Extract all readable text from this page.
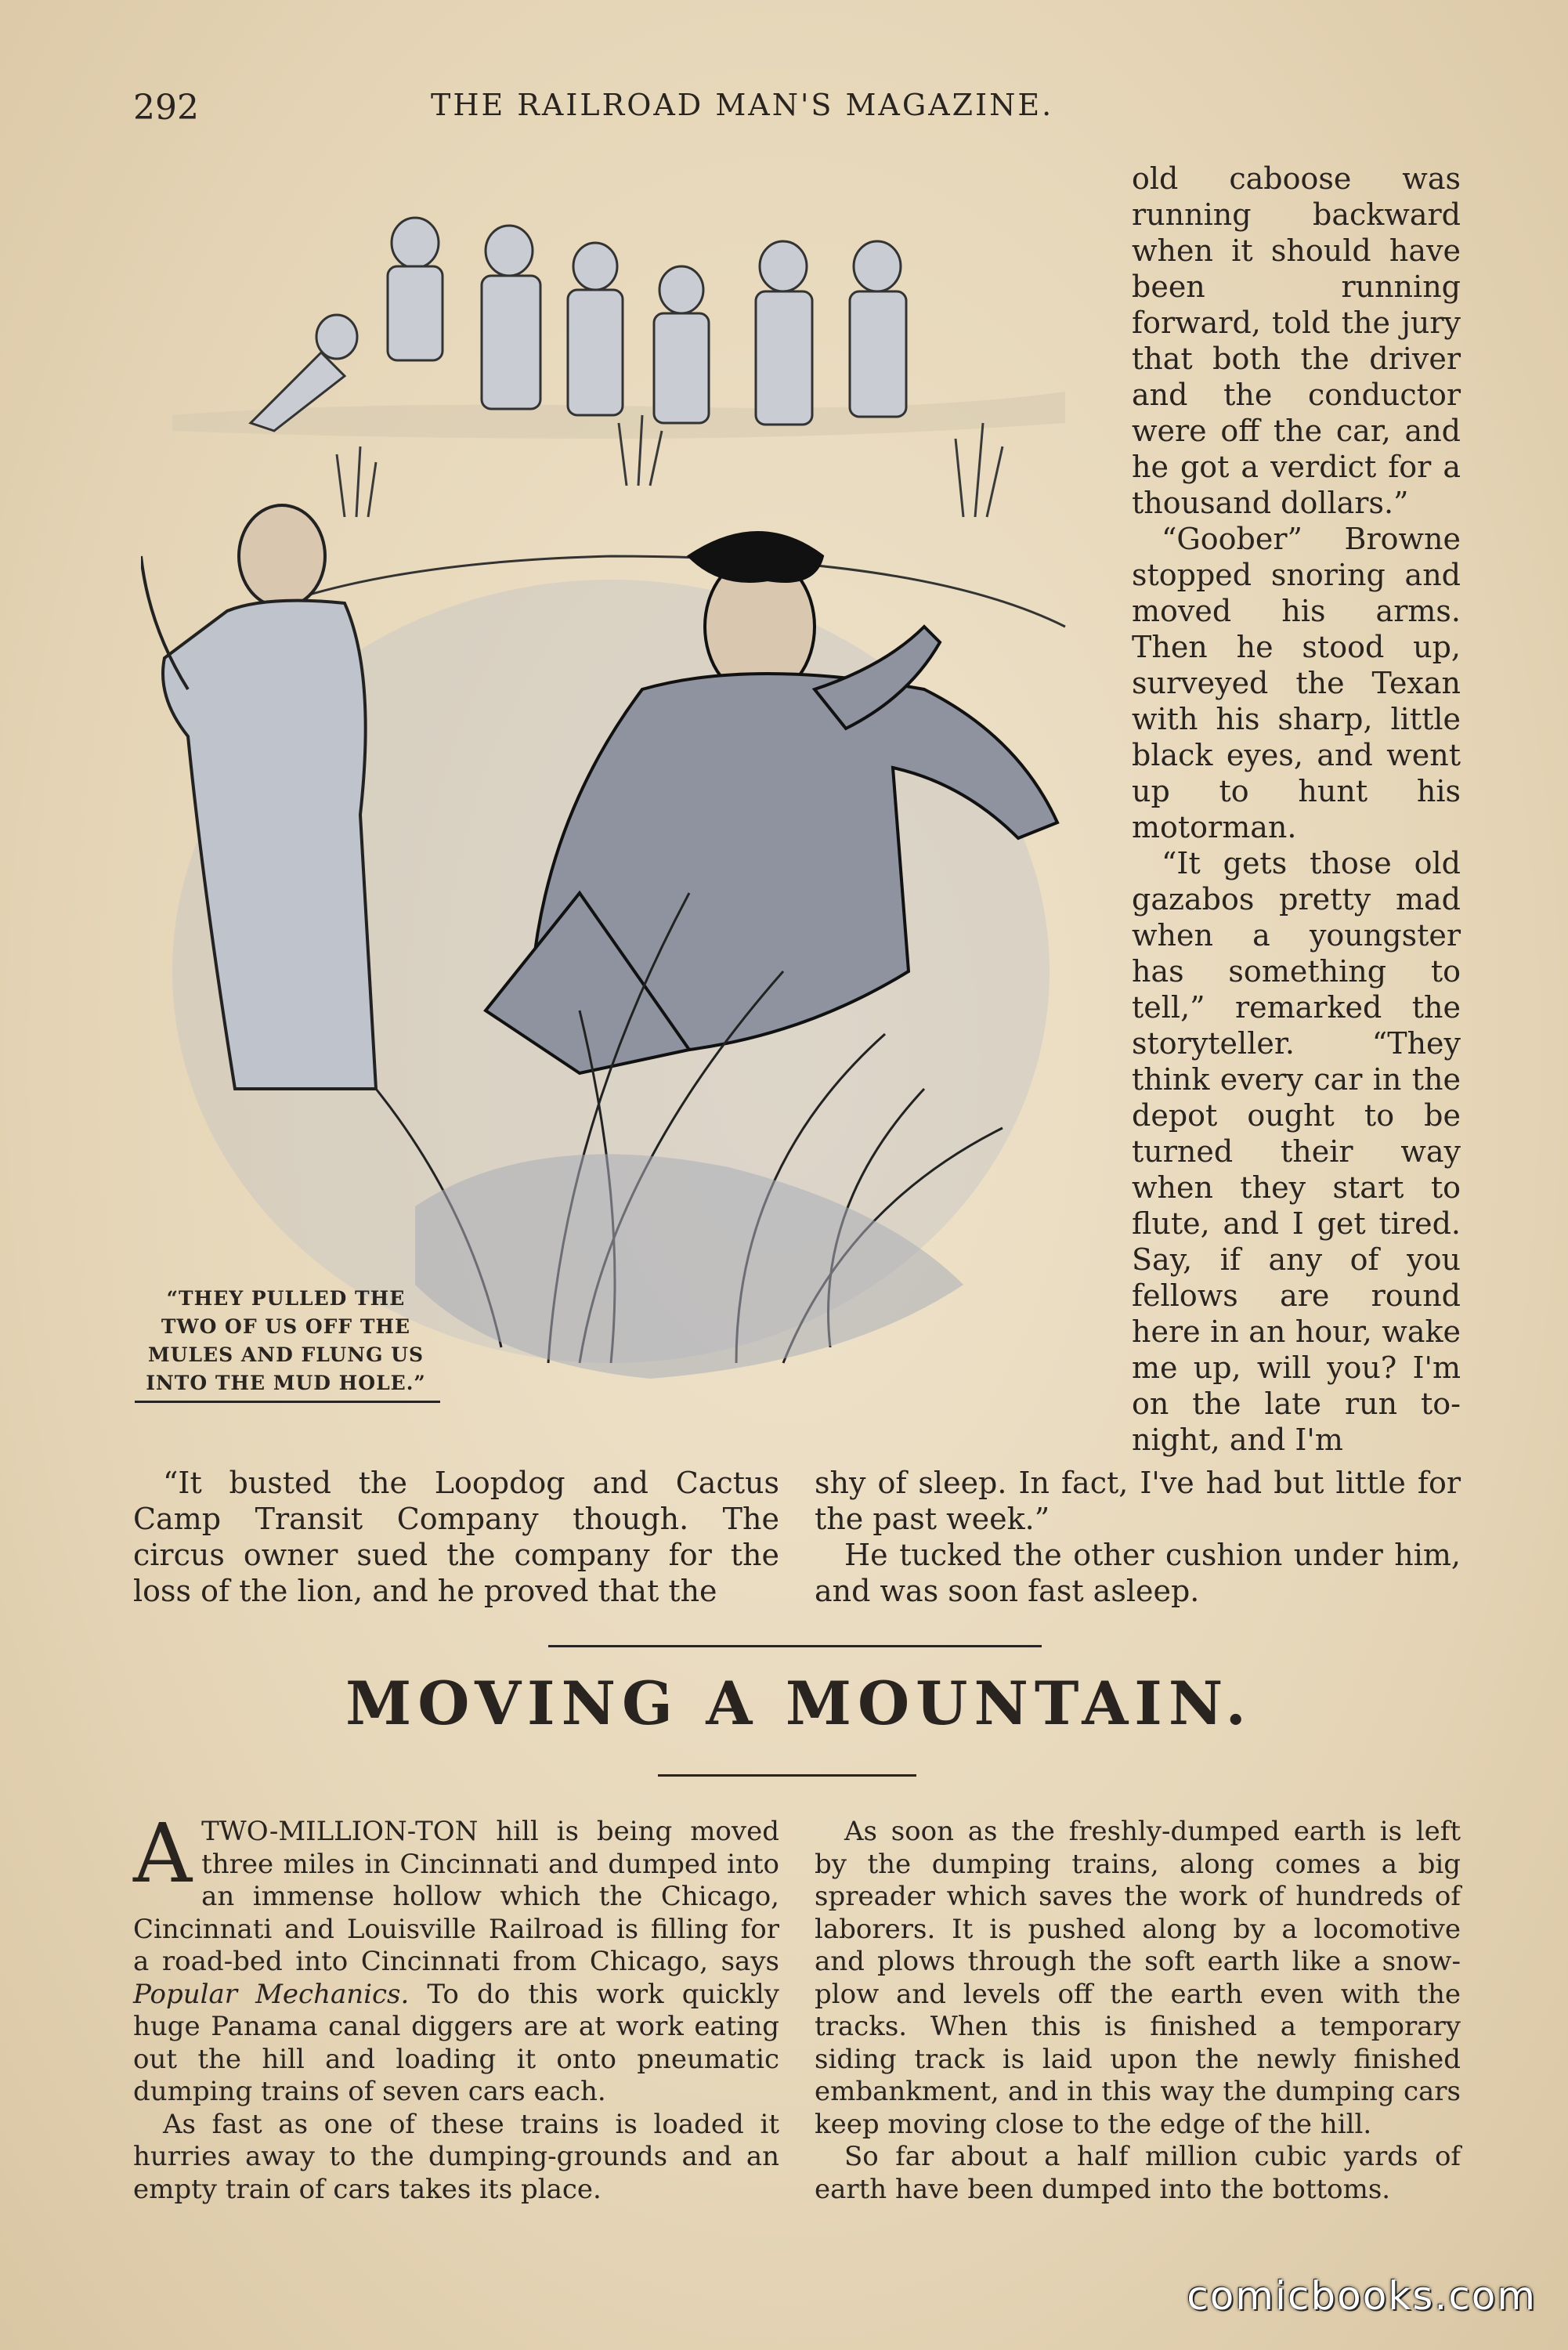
292	THE RAILROAD MAN'S MAGAZINE.
“THEY PULLED THE
TWO OF US OFF THE
MULES AND FLUNG US
INTO THE MUD HOLE.”

old caboose was running backward when it should have been running forward, told the jury that both the driver and the conductor were off the car, and he got a verdict for a thousand dollars.”

“Goober” Browne stopped snoring and moved his arms. Then he stood up, surveyed the Texan with his sharp, little black eyes, and went up to hunt his motorman.

“It gets those old gazabos pretty mad when a youngster has something to tell,” remarked the storyteller. “They think every car in the depot ought to be turned their way when they start to flute, and I get tired. Say, if any of you fellows are round here in an hour, wake me up, will you? I'm on the late run to-night, and I'm

“It busted the Loopdog and Cactus Camp Transit Company though. The circus owner sued the company for the loss of the lion, and he proved that the

shy of sleep. In fact, I've had but little for the past week.”

He tucked the other cushion under him, and was soon fast asleep.

MOVING A MOUNTAIN.

ATWO-MILLION-TON hill is being moved three miles in Cincinnati and dumped into an immense hollow which the Chicago, Cincinnati and Louisville Railroad is filling for a road-bed into Cincinnati from Chicago, says Popular Mechanics. To do this work quickly huge Panama canal diggers are at work eating out the hill and loading it onto pneumatic dumping trains of seven cars each.

As fast as one of these trains is loaded it hurries away to the dumping-grounds and an empty train of cars takes its place.

As soon as the freshly-dumped earth is left by the dumping trains, along comes a big spreader which saves the work of hundreds of laborers. It is pushed along by a locomotive and plows through the soft earth like a snow-plow and levels off the earth even with the tracks. When this is finished a temporary siding track is laid upon the newly finished embankment, and in this way the dumping cars keep moving close to the edge of the hill.

So far about a half million cubic yards of earth have been dumped into the bottoms.

comicbooks.com
